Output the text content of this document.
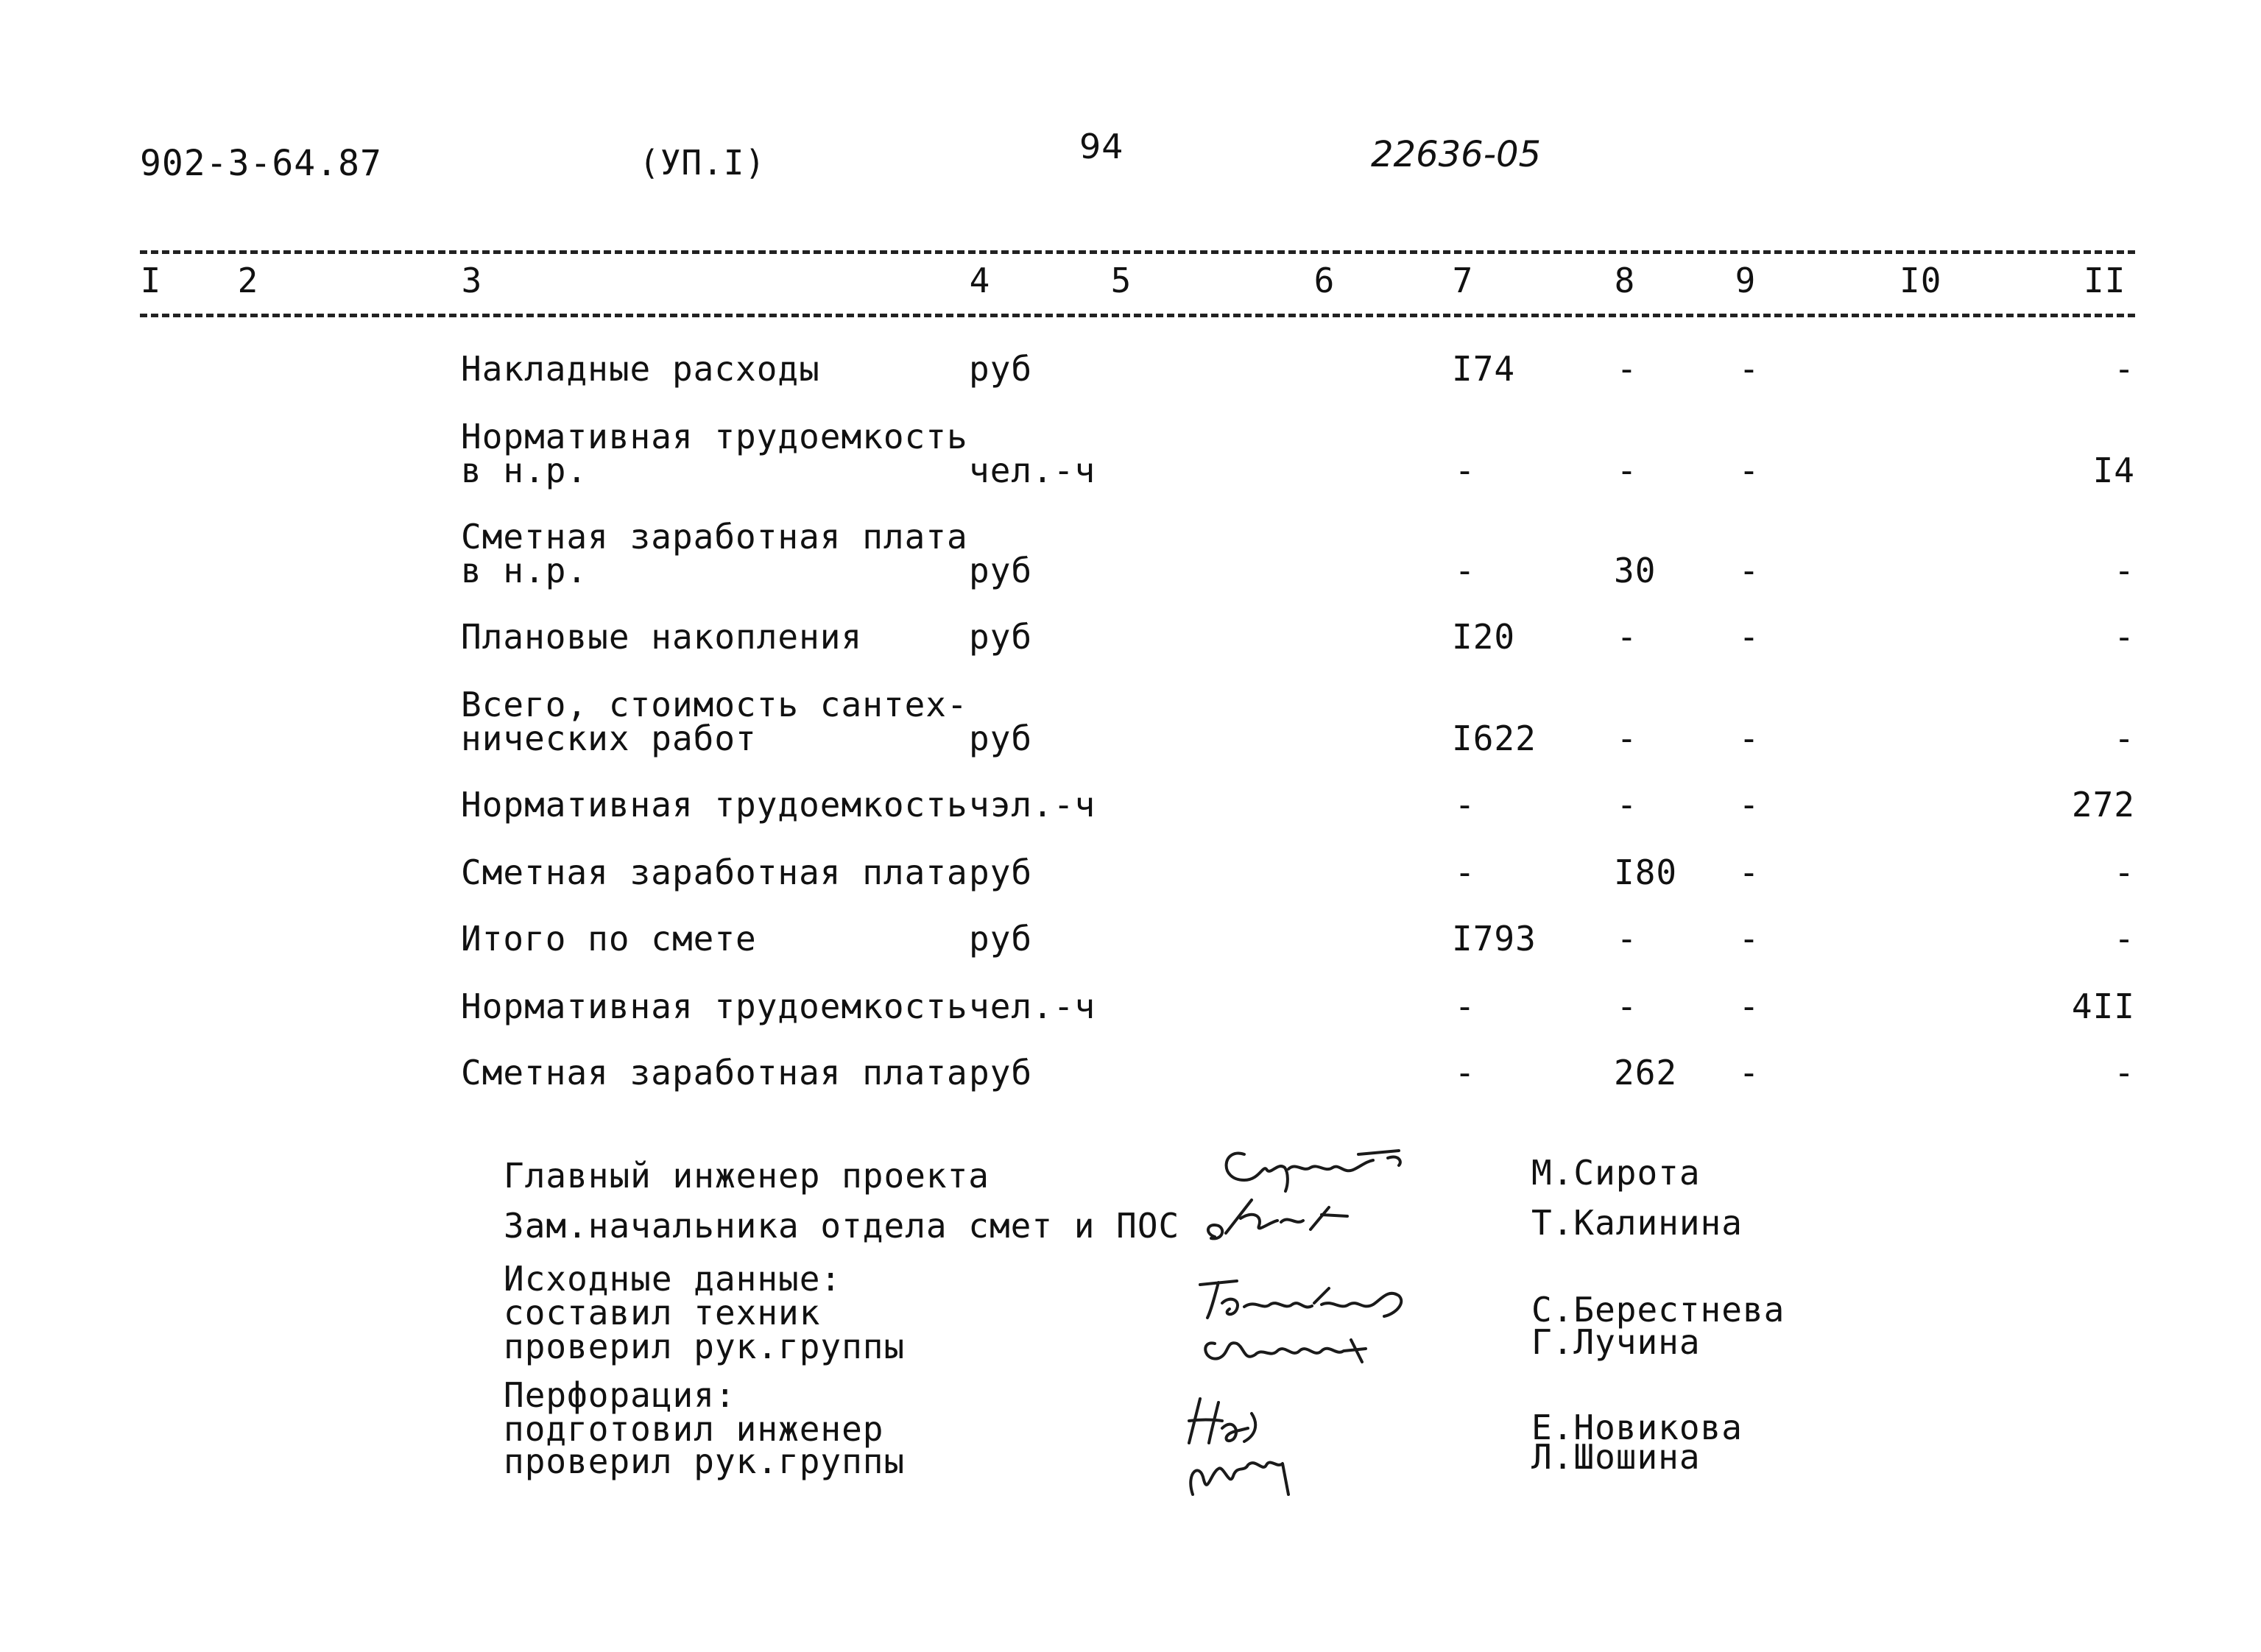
902-3-64.87	(УП.I)	94	22636-05
I 2	3	4	5	6	7	8	9	I0	II
Накладные расходы	руб	I74	-	-	-
Нормативная трудоемкость
в н.р.	чел.-ч	-	-	-	I4
Сметная заработная плата
в н.р.	руб	-	30	-	-
Плановые накопления	руб	I20	-	-	-
Всего, стоимость сантех-
нических работ	руб	I622	-	-	-
Нормативная трудоемкость чэл.-ч	-	-	-	272
Сметная заработная плата руб	-	I80	-	-
Итого по смете	руб	I793	-	-	-
Нормативная трудоемкость чел.-ч	-	-	-	4II
Сметная заработная плата руб	-	262	-	-
Главный инженер проекта	М.Сирота
Зам.начальника отдела смет и ПОС	Т.Калинина
Исходные данные:
составил техник
проверил рук.группы
С.Берестнева
Г.Лучина
Перфорация:
подготовил инженер
проверил рук.группы
Е.Новикова
Л.Шошина
